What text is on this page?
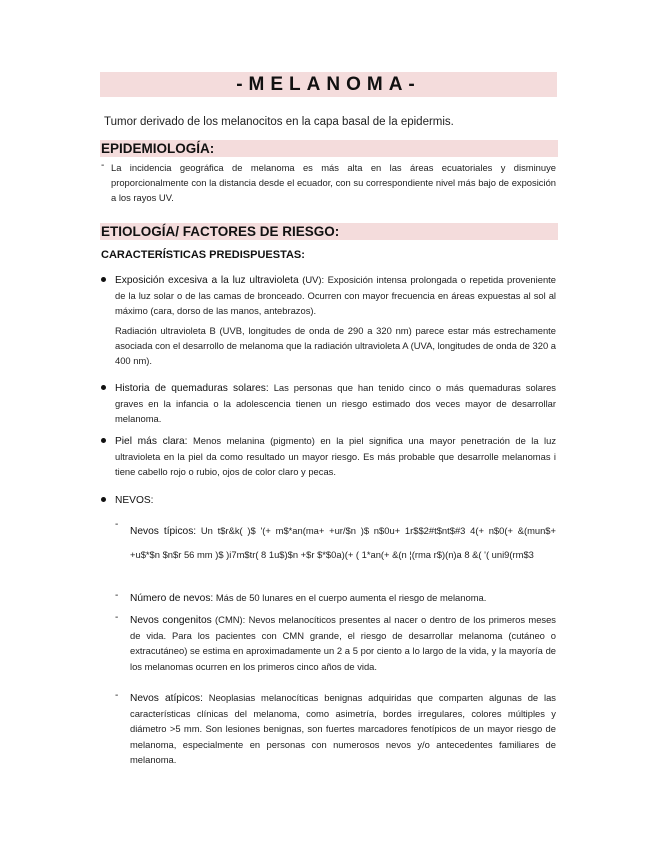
-MELANOMA-
Tumor derivado de los melanocitos en la capa basal de la epidermis.
EPIDEMIOLOGÍA:
- La incidencia geográfica de melanoma es más alta en las áreas ecuatoriales y disminuye proporcionalmente con la distancia desde el ecuador, con su correspondiente nivel más bajo de exposición a los rayos UV.
ETIOLOGÍA/ FACTORES DE RIESGO:
CARACTERÍSTICAS PREDISPUESTAS:
Exposición excesiva a la luz ultravioleta (UV): Exposición intensa prolongada o repetida proveniente de la luz solar o de las camas de bronceado. Ocurren con mayor frecuencia en áreas expuestas al sol al máximo (cara, dorso de las manos, antebrazos).
Radiación ultravioleta B (UVB, longitudes de onda de 290 a 320 nm) parece estar más estrechamente asociada con el desarrollo de melanoma que la radiación ultravioleta A (UVA, longitudes de onda de 320 a 400 nm).
Historia de quemaduras solares: Las personas que han tenido cinco o más quemaduras solares graves en la infancia o la adolescencia tienen un riesgo estimado dos veces mayor de desarrollar melanoma.
Piel más clara: Menos melanina (pigmento) en la piel significa una mayor penetración de la luz ultravioleta en la piel da como resultado un mayor riesgo. Es más probable que desarrolle melanomas i tiene cabello rojo o rubio, ojos de color claro y pecas.
NEVOS:
-
Nevos típicos: Un t$r&k( )$ '(+ m$*an(ma+ +ur/$n )$ n$0u+ 1r$$2#t$nt$#3 4(+ n$0(+ &(mun$+ +u$*$n $n$r 56 mm )$ )i7m$tr( 8 1u$)$n +$r $*$0a)(+ ( 1*an(+ &(n ¦(rma r$)(n)a 8 &( '( uni9(rm$3
- Número de nevos: Más de 50 lunares en el cuerpo aumenta el riesgo de melanoma.
- Nevos congenitos (CMN): Nevos melanocíticos presentes al nacer o dentro de los primeros meses de vida. Para los pacientes con CMN grande, el riesgo de desarrollar melanoma (cutáneo o extracutáneo) se estima en aproximadamente un 2 a 5 por ciento a lo largo de la vida, y la mayoría de los melanomas ocurren en los primeros cinco años de vida.
- Nevos atípicos: Neoplasias melanocíticas benignas adquiridas que comparten algunas de las características clínicas del melanoma, como asimetría, bordes irregulares, colores múltiples y diámetro >5 mm. Son lesiones benignas, son fuertes marcadores fenotípicos de un mayor riesgo de melanoma, especialmente en personas con numerosos nevos y/o antecedentes familiares de melanoma.
